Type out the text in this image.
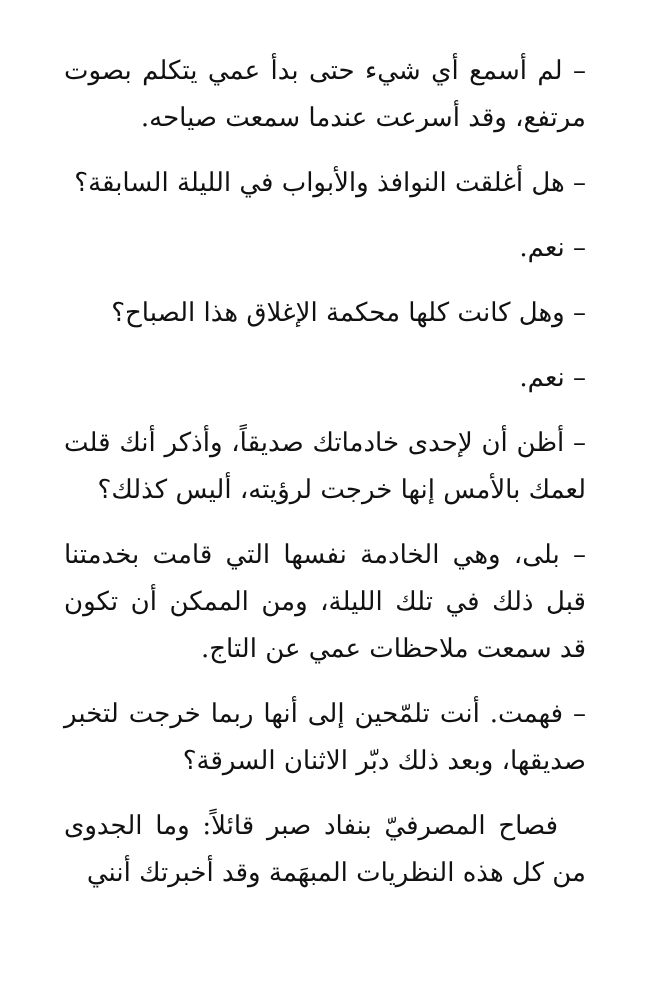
– لم أسمع أي شيء حتى بدأ عمي يتكلم بصوت مرتفع، وقد أسرعت عندما سمعت صياحه.

– هل أغلقت النوافذ والأبواب في الليلة السابقة؟

– نعم.

– وهل كانت كلها محكمة الإغلاق هذا الصباح؟

– نعم.

– أظن أن لإحدى خادماتك صديقاً، وأذكر أنك قلت لعمك بالأمس إنها خرجت لرؤيته، أليس كذلك؟

– بلى، وهي الخادمة نفسها التي قامت بخدمتنا قبل ذلك في تلك الليلة، ومن الممكن أن تكون قد سمعت ملاحظات عمي عن التاج.

– فهمت. أنت تلمّحين إلى أنها ربما خرجت لتخبر صديقها، وبعد ذلك دبّر الاثنان السرقة؟

فصاح المصرفيّ بنفاد صبر قائلاً: وما الجدوى من كل هذه النظريات المبهَمة وقد أخبرتك أنني
